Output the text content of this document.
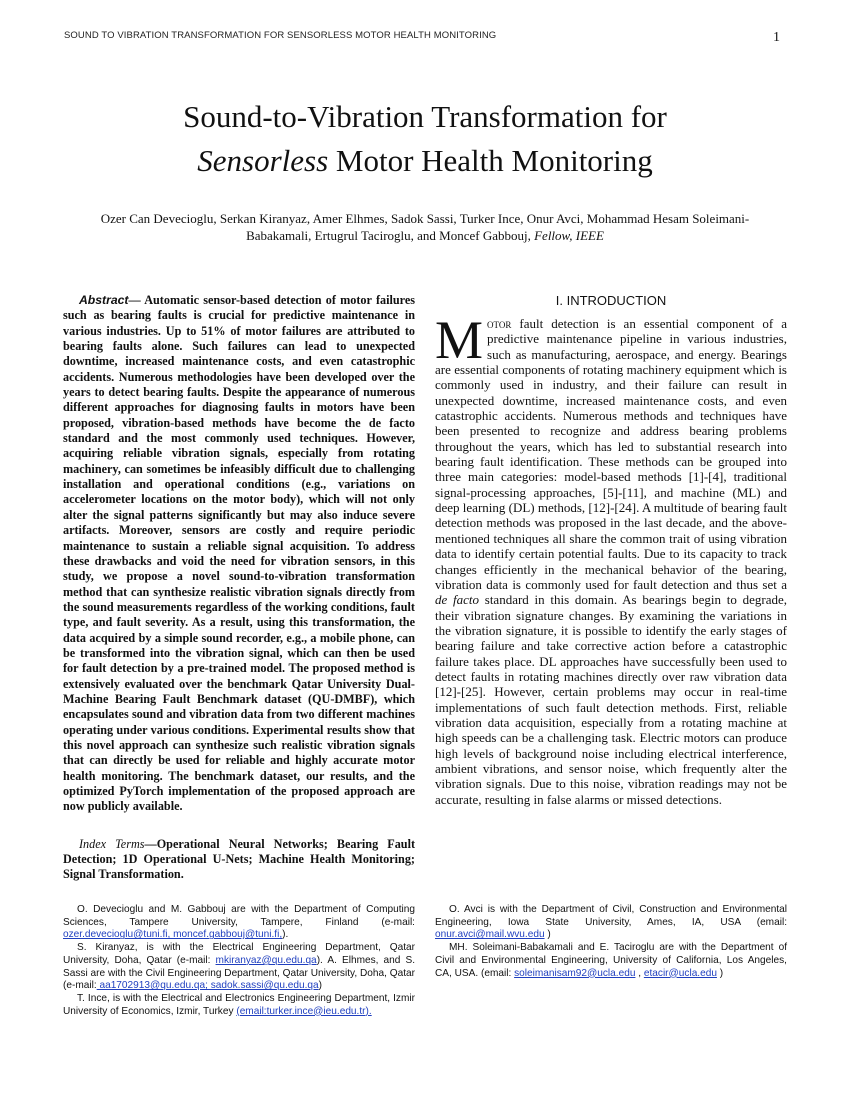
SOUND TO VIBRATION TRANSFORMATION FOR SENSORLESS MOTOR HEALTH MONITORING	1
Sound-to-Vibration Transformation for
Sensorless Motor Health Monitoring
Ozer Can Devecioglu, Serkan Kiranyaz, Amer Elhmes, Sadok Sassi, Turker Ince, Onur Avci, Mohammad Hesam Soleimani-Babakamali, Ertugrul Taciroglu, and Moncef Gabbouj, Fellow, IEEE

Abstract— Automatic sensor-based detection of motor failures such as bearing faults is crucial for predictive maintenance in various industries. Up to 51% of motor failures are attributed to bearing faults alone. Such failures can lead to unexpected downtime, increased maintenance costs, and even catastrophic accidents. Numerous methodologies have been developed over the years to detect bearing faults. Despite the appearance of numerous different approaches for diagnosing faults in motors have been proposed, vibration-based methods have become the de facto standard and the most commonly used techniques. However, acquiring reliable vibration signals, especially from rotating machinery, can sometimes be infeasibly difficult due to challenging installation and operational conditions (e.g., variations on accelerometer locations on the motor body), which will not only alter the signal patterns significantly but may also induce severe artifacts. Moreover, sensors are costly and require periodic maintenance to sustain a reliable signal acquisition. To address these drawbacks and void the need for vibration sensors, in this study, we propose a novel sound-to-vibration transformation method that can synthesize realistic vibration signals directly from the sound measurements regardless of the working conditions, fault type, and fault severity. As a result, using this transformation, the data acquired by a simple sound recorder, e.g., a mobile phone, can be transformed into the vibration signal, which can then be used for fault detection by a pre-trained model. The proposed method is extensively evaluated over the benchmark Qatar University Dual-Machine Bearing Fault Benchmark dataset (QU-DMBF), which encapsulates sound and vibration data from two different machines operating under various conditions. Experimental results show that this novel approach can synthesize such realistic vibration signals that can directly be used for reliable and highly accurate motor health monitoring. The benchmark dataset, our results, and the optimized PyTorch implementation of the proposed approach are now publicly available.

Index Terms—Operational Neural Networks; Bearing Fault Detection; 1D Operational U-Nets; Machine Health Monitoring; Signal Transformation.

I. INTRODUCTION

Motor fault detection is an essential component of a predictive maintenance pipeline in various industries, such as manufacturing, aerospace, and energy. Bearings are essential components of rotating machinery equipment which is commonly used in industry, and their failure can result in unexpected downtime, increased maintenance costs, and even catastrophic accidents. Numerous methods and techniques have been presented to recognize and address bearing problems throughout the years, which has led to substantial research into bearing fault identification. These methods can be grouped into three main categories: model-based methods [1]-[4], traditional signal-processing approaches, [5]-[11], and machine (ML) and deep learning (DL) methods, [12]-[24]. A multitude of bearing fault detection methods was proposed in the last decade, and the above-mentioned techniques all share the common trait of using vibration data to identify certain potential faults. Due to its capacity to track changes efficiently in the mechanical behavior of the bearing, vibration data is commonly used for fault detection and thus set a de facto standard in this domain. As bearings begin to degrade, their vibration signature changes. By examining the variations in the vibration signature, it is possible to identify the early stages of bearing failure and take corrective action before a catastrophic failure takes place. DL approaches have successfully been used to detect faults in rotating machines directly over raw vibration data [12]-[25]. However, certain problems may occur in real-time implementations of such fault detection methods. First, reliable vibration data acquisition, especially from a rotating machine at high speeds can be a challenging task. Electric motors can produce high levels of background noise including electrical interference, ambient vibrations, and sensor noise, which frequently alter the vibration signals. Due to this noise, vibration readings may not be accurate, resulting in false alarms or missed detections.

O. Devecioglu and M. Gabbouj are with the Department of Computing Sciences, Tampere University, Tampere, Finland (e-mail: ozer.devecioglu@tuni.fi, moncef.gabbouj@tuni.fi,).

S. Kiranyaz, is with the Electrical Engineering Department, Qatar University, Doha, Qatar (e-mail: mkiranyaz@qu.edu.qa). A. Elhmes, and S. Sassi are with the Civil Engineering Department, Qatar University, Doha, Qatar (e-mail: aa1702913@qu.edu.qa; sadok.sassi@qu.edu.qa)

T. Ince, is with the Electrical and Electronics Engineering Department, Izmir University of Economics, Izmir, Turkey (email:turker.ince@ieu.edu.tr).

O. Avci is with the Department of Civil, Construction and Environmental Engineering, Iowa State University, Ames, IA, USA (email: onur.avci@mail.wvu.edu )

MH. Soleimani-Babakamali and E. Taciroglu are with the Department of Civil and Environmental Engineering, University of California, Los Angeles, CA, USA. (email: soleimanisam92@ucla.edu , etacir@ucla.edu )
